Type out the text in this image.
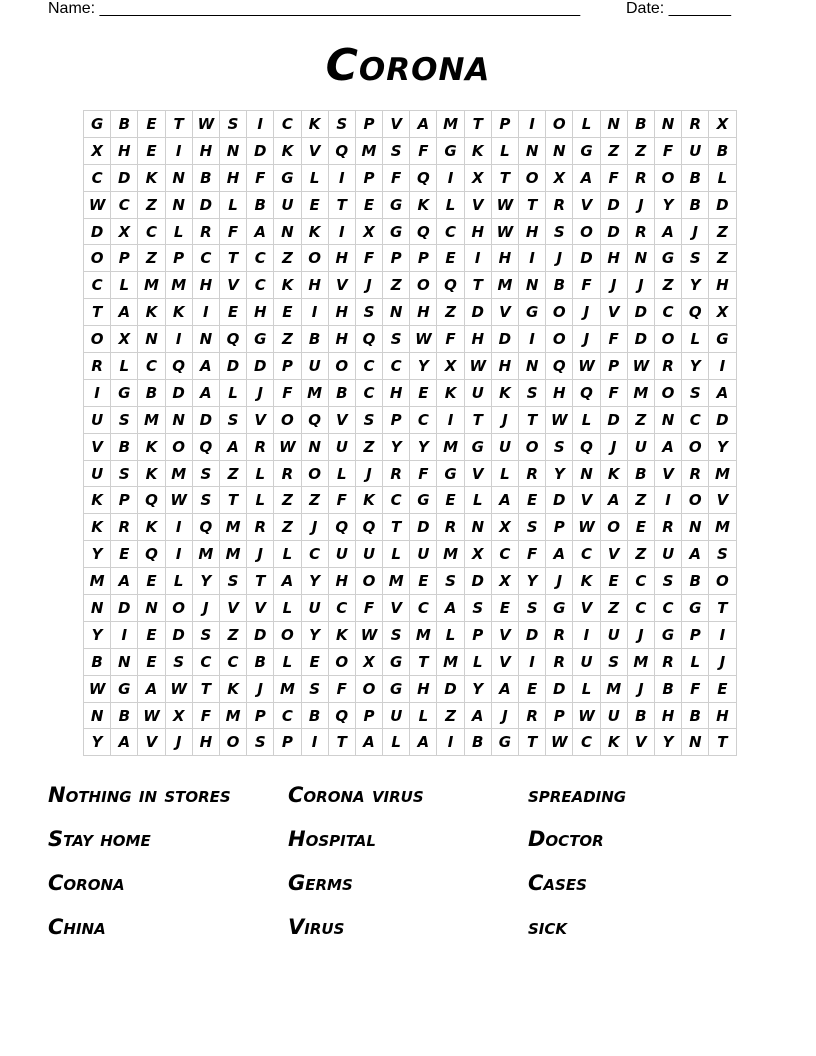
Name: ______________________________________________________	Date: _______
Corona
G	B	E	T	W	S	I	C	K	S	P	V	A	M	T	P	I	O	L	N	B	N	R	X
X	H	E	I	H	N	D	K	V	Q	M	S	F	G	K	L	N	N	G	Z	Z	F	U	B
C	D	K	N	B	H	F	G	L	I	P	F	Q	I	X	T	O	X	A	F	R	O	B	L
W	C	Z	N	D	L	B	U	E	T	E	G	K	L	V	W	T	R	V	D	J	Y	B	D
D	X	C	L	R	F	A	N	K	I	X	G	Q	C	H	W	H	S	O	D	R	A	J	Z
O	P	Z	P	C	T	C	Z	O	H	F	P	P	E	I	H	I	J	D	H	N	G	S	Z
C	L	M	M	H	V	C	K	H	V	J	Z	O	Q	T	M	N	B	F	J	J	Z	Y	H
T	A	K	K	I	E	H	E	I	H	S	N	H	Z	D	V	G	O	J	V	D	C	Q	X
O	X	N	I	N	Q	G	Z	B	H	Q	S	W	F	H	D	I	O	J	F	D	O	L	G
R	L	C	Q	A	D	D	P	U	O	C	C	Y	X	W	H	N	Q	W	P	W	R	Y	I
I	G	B	D	A	L	J	F	M	B	C	H	E	K	U	K	S	H	Q	F	M	O	S	A
U	S	M	N	D	S	V	O	Q	V	S	P	C	I	T	J	T	W	L	D	Z	N	C	D
V	B	K	O	Q	A	R	W	N	U	Z	Y	Y	M	G	U	O	S	Q	J	U	A	O	Y
U	S	K	M	S	Z	L	R	O	L	J	R	F	G	V	L	R	Y	N	K	B	V	R	M
K	P	Q	W	S	T	L	Z	Z	F	K	C	G	E	L	A	E	D	V	A	Z	I	O	V
K	R	K	I	Q	M	R	Z	J	Q	Q	T	D	R	N	X	S	P	W	O	E	R	N	M
Y	E	Q	I	M	M	J	L	C	U	U	L	U	M	X	C	F	A	C	V	Z	U	A	S
M	A	E	L	Y	S	T	A	Y	H	O	M	E	S	D	X	Y	J	K	E	C	S	B	O
N	D	N	O	J	V	V	L	U	C	F	V	C	A	S	E	S	G	V	Z	C	C	G	T
Y	I	E	D	S	Z	D	O	Y	K	W	S	M	L	P	V	D	R	I	U	J	G	P	I
B	N	E	S	C	C	B	L	E	O	X	G	T	M	L	V	I	R	U	S	M	R	L	J
W	G	A	W	T	K	J	M	S	F	O	G	H	D	Y	A	E	D	L	M	J	B	F	E
N	B	W	X	F	M	P	C	B	Q	P	U	L	Z	A	J	R	P	W	U	B	H	B	H
Y	A	V	J	H	O	S	P	I	T	A	L	A	I	B	G	T	W	C	K	V	Y	N	T
Nothing in stores	Corona virus	spreading
Stay home	Hospital	Doctor
Corona	Germs	Cases
China	Virus	sick
